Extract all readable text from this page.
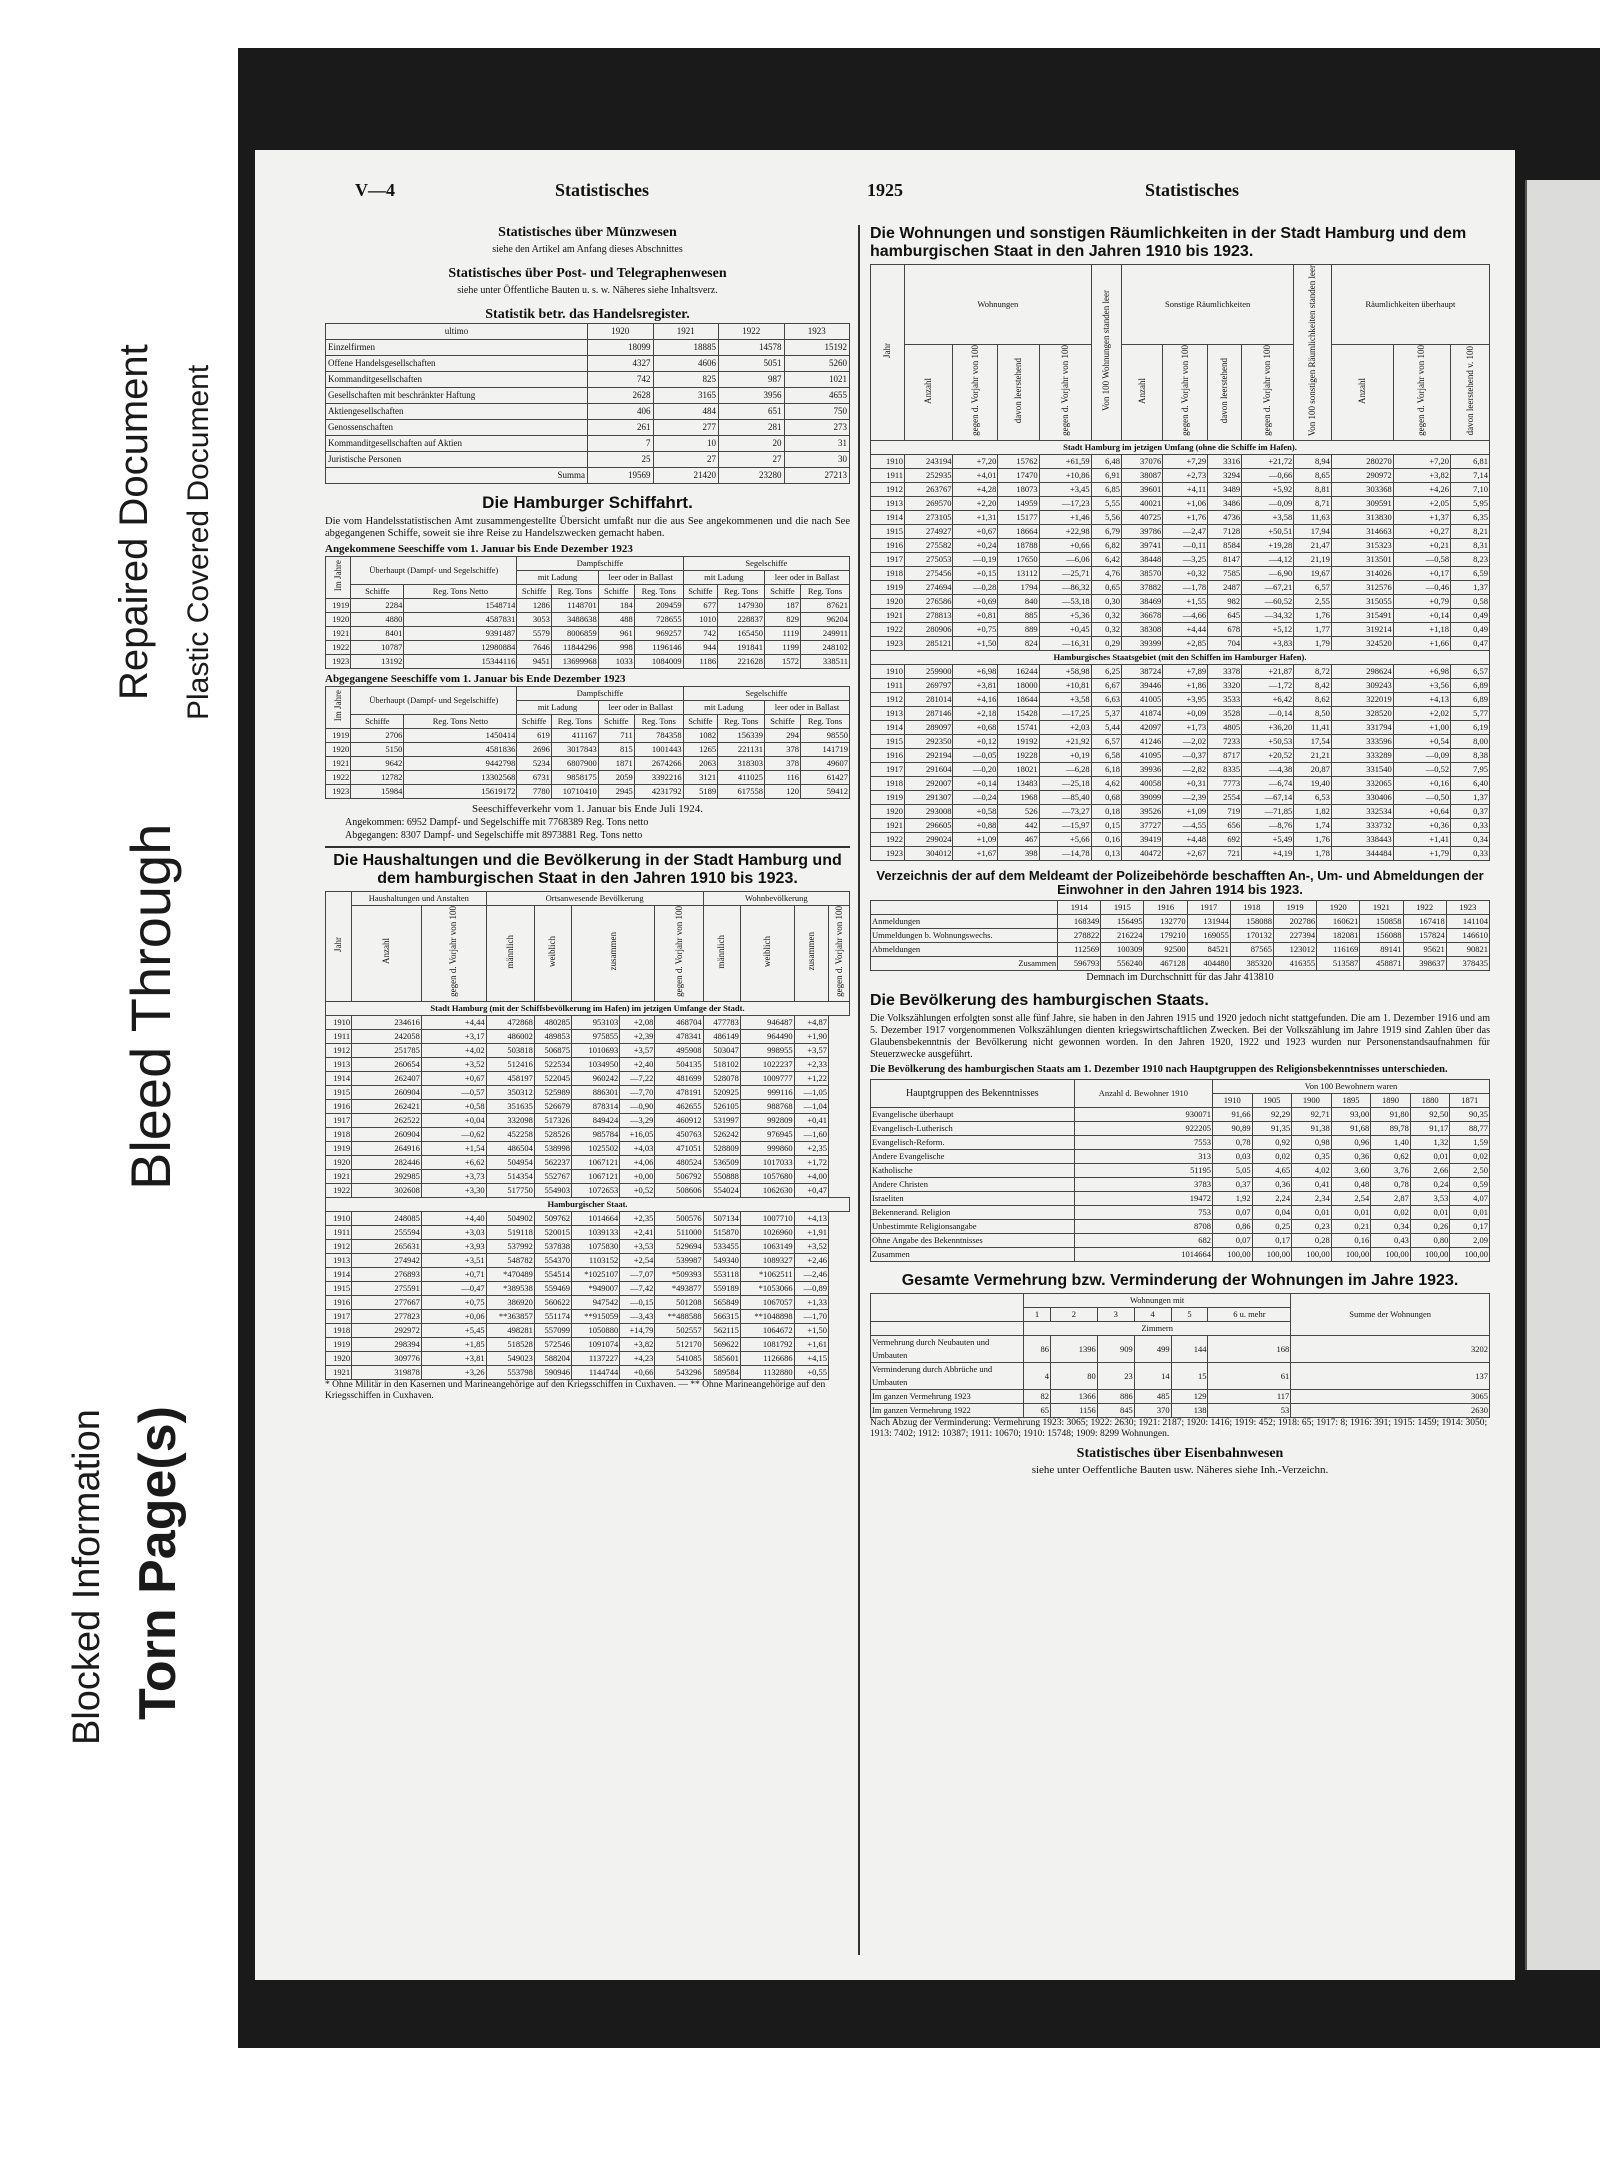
Bleed Through
Repaired Document Plastic Covered Document
Blocked Information Torn Page(s)
V—4	Statistisches	1925	Statistisches
Statistisches über Münzwesen
siehe den Artikel am Anfang dieses Abschnittes
Statistisches über Post- und Telegraphenwesen
siehe unter Öffentliche Bauten u. s. w. Näheres siehe Inhaltsverz.
Statistik betr. das Handelsregister.
ultimo	1920	1921	1922	1923
Einzelfirmen	18099	18885	14578	15192
Offene Handelsgesellschaften	4327	4606	5051	5260
Kommanditgesellschaften	742	825	987	1021
Gesellschaften mit beschränkter Haftung	2628	3165	3956	4655
Aktiengesellschaften	406	484	651	750
Genossenschaften	261	277	281	273
Kommanditgesellschaften auf Aktien	7	10	20	31
Juristische Personen	25	27	27	30
Summa	19569	21420	23280	27213
Die Hamburger Schiffahrt.
Die vom Handelsstatistischen Amt zusammengestellte Übersicht umfaßt nur die aus See angekommenen und die nach See abgegangenen Schiffe, soweit sie ihre Reise zu Handelszwecken gemacht haben.
Angekommene Seeschiffe vom 1. Januar bis Ende Dezember 1923
Im Jahre	Überhaupt (Dampf- und Segelschiffe)		Dampfschiffe				Segelschiffe			
			mit Ladung		leer oder in Ballast		mit Ladung		leer oder in Ballast	
	Schiffe	Reg. Tons Netto	Schiffe	Reg. Tons	Schiffe	Reg. Tons	Schiffe	Reg. Tons	Schiffe	Reg. Tons
1919	2284	1548714	1286	1148701	184	209459	677	147930	187	87621
1920	4880	4587831	3053	3488638	488	728655	1010	228837	829	96204
1921	8401	9391487	5579	8006859	961	969257	742	165450	1119	249911
1922	10787	12980884	7646	11844296	998	1196146	944	191841	1199	248102
1923	13192	15344116	9451	13699968	1033	1084009	1186	221628	1572	338511
Abgegangene Seeschiffe vom 1. Januar bis Ende Dezember 1923
Im Jahre	Überhaupt (Dampf- und Segelschiffe)		Dampfschiffe				Segelschiffe			
			mit Ladung		leer oder in Ballast		mit Ladung		leer oder in Ballast	
	Schiffe	Reg. Tons Netto	Schiffe	Reg. Tons	Schiffe	Reg. Tons	Schiffe	Reg. Tons	Schiffe	Reg. Tons
1919	2706	1450414	619	411167	711	784358	1082	156339	294	98550
1920	5150	4581836	2696	3017843	815	1001443	1265	221131	378	141719
1921	9642	9442798	5234	6807900	1871	2674266	2063	318303	378	49607
1922	12782	13302568	6731	9858175	2059	3392216	3121	411025	116	61427
1923	15984	15619172	7780	10710410	2945	4231792	5189	617558	120	59412
Seeschiffeverkehr vom 1. Januar bis Ende Juli 1924.
Angekommen: 6952 Dampf- und Segelschiffe mit 7768389 Reg. Tons netto
Abgegangen: 8307 Dampf- und Segelschiffe mit 8973881 Reg. Tons netto
Die Haushaltungen und die Bevölkerung in der Stadt Hamburg und dem hamburgischen Staat in den Jahren 1910 bis 1923.
Jahr	Haushaltungen und Anstalten		Ortsanwesende Bevölkerung					Wohnbevölkerung			
	Anzahl	gegen d. Vorjahr von 100	männlich	weiblich	zusammen		gegen d. Vorjahr von 100	männlich	weiblich	zusammen	gegen d. Vorjahr von 100
Stadt Hamburg (mit der Schiffsbevölkerung im Hafen) im jetzigen Umfange der Stadt.											
1910	234616	+4,44	472868	480285	953103	+2,08	468704	477783	946487	+4,87	
1911	242058	+3,17	486002	489853	975855	+2,39	478341	486149	964490	+1,90	
1912	251785	+4,02	503818	506875	1010693	+3,57	495908	503047	998955	+3,57	
1913	260654	+3,52	512416	522534	1034950	+2,40	504135	518102	1022237	+2,33	
1914	262407	+0,67	458197	522045	960242	—7,22	481699	528078	1009777	+1,22	
1915	260904	—0,57	350312	525989	886301	—7,70	478191	520925	999116	—1,05	
1916	262421	+0,58	351635	526679	878314	—0,90	462655	526105	988768	—1,04	
1917	262522	+0,04	332098	517326	849424	—3,29	460912	531997	992809	+0,41	
1918	260904	—0,62	452258	528526	985784	+16,05	450763	526242	976945	—1,60	
1919	264916	+1,54	486504	538998	1025502	+4,03	471051	528809	999860	+2,35	
1920	282446	+6,62	504954	562237	1067121	+4,06	480524	536509	1017033	+1,72	
1921	292985	+3,73	514354	552767	1067121	+0,00	506792	550888	1057680	+4,00	
1922	302608	+3,30	517750	554903	1072653	+0,52	508606	554024	1062630	+0,47	
Hamburgischer Staat.											
1910	248085	+4,40	504902	509762	1014664	+2,35	500576	507134	1007710	+4,13	
1911	255594	+3,03	519118	520015	1039133	+2,41	511000	515870	1026960	+1,91	
1912	265631	+3,93	537992	537838	1075830	+3,53	529694	533455	1063149	+3,52	
1913	274942	+3,51	548782	554370	1103152	+2,54	539987	549340	1089327	+2,46	
1914	276893	+0,71	*470489	554514	*1025107	—7,07	*509393	553118	*1062511	—2,46	
1915	275591	—0,47	*389538	559469	*949007	—7,42	*493877	559189	*1053066	—0,89	
1916	277667	+0,75	386920	560622	947542	—0,15	501208	565849	1067057	+1,33	
1917	277823	+0,06	**363857	551174	**915059	—3,43	**488588	566315	**1048898	—1,70	
1918	292972	+5,45	498281	557099	1050880	+14,79	502557	562115	1064672	+1,50	
1919	298394	+1,85	518528	572546	1091074	+3,82	512170	569622	1081792	+1,61	
1920	309776	+3,81	549023	588204	1137227	+4,23	541085	585601	1126686	+4,15	
1921	319878	+3,26	553798	590946	1144744	+0,66	543296	589584	1132880	+0,55	
* Ohne Militär in den Kasernen und Marineangehörige auf den Kriegsschiffen in Cuxhaven. — ** Ohne Marineangehörige auf den Kriegsschiffen in Cuxhaven.
Die Wohnungen und sonstigen Räumlichkeiten in der Stadt Hamburg und dem hamburgischen Staat in den Jahren 1910 bis 1923.
Jahr	Wohnungen				Von 100 Wohnungen standen leer	Sonstige Räumlichkeiten				Von 100 sonstigen Räumlichkeiten standen leer	Räumlichkeiten überhaupt		
	Anzahl	gegen d. Vorjahr von 100	davon leerstehend	gegen d. Vorjahr von 100		Anzahl	gegen d. Vorjahr von 100	davon leerstehend	gegen d. Vorjahr von 100		Anzahl	gegen d. Vorjahr von 100	davon leerstehend v. 100
Stadt Hamburg im jetzigen Umfang (ohne die Schiffe im Hafen).													
1910	243194	+7,20	15762	+61,59	6,48	37076	+7,29	3316	+21,72	8,94	280270	+7,20	6,81
1911	252935	+4,01	17470	+10,86	6,91	38087	+2,73	3294	—0,66	8,65	290972	+3,82	7,14
1912	263767	+4,28	18073	+3,45	6,85	39601	+4,11	3489	+5,92	8,81	303368	+4,26	7,10
1913	269570	+2,20	14959	—17,23	5,55	40021	+1,06	3486	—0,09	8,71	309591	+2,05	5,95
1914	273105	+1,31	15177	+1,46	5,56	40725	+1,76	4736	+3,58	11,63	313830	+1,37	6,35
1915	274927	+0,67	18664	+22,98	6,79	39786	—2,47	7128	+50,51	17,94	314663	+0,27	8,21
1916	275582	+0,24	18788	+0,66	6,82	39741	—0,11	8584	+19,28	21,47	315323	+0,21	8,31
1917	275053	—0,19	17650	—6,06	6,42	38448	—3,25	8147	—4,12	21,19	313501	—0,58	8,23
1918	275456	+0,15	13112	—25,71	4,76	38570	+0,32	7585	—6,90	19,67	314026	+0,17	6,59
1919	274694	—0,28	1794	—86,32	0,65	37882	—1,78	2487	—67,21	6,57	312576	—0,46	1,37
1920	276586	+0,69	840	—53,18	0,30	38469	+1,55	982	—60,52	2,55	315055	+0,79	0,58
1921	278813	+0,81	885	+5,36	0,32	36678	—4,66	645	—34,32	1,76	315491	+0,14	0,49
1922	280906	+0,75	889	+0,45	0,32	38308	+4,44	678	+5,12	1,77	319214	+1,18	0,49
1923	285121	+1,50	824	—16,31	0,29	39399	+2,85	704	+3,83	1,79	324520	+1,66	0,47
Hamburgisches Staatsgebiet (mit den Schiffen im Hamburger Hafen).													
1910	259900	+6,98	16244	+58,98	6,25	38724	+7,89	3378	+21,87	8,72	298624	+6,98	6,57
1911	269797	+3,81	18000	+10,81	6,67	39446	+1,86	3320	—1,72	8,42	309243	+3,56	6,89
1912	281014	+4,16	18644	+3,58	6,63	41005	+3,95	3533	+6,42	8,62	322019	+4,13	6,89
1913	287146	+2,18	15428	—17,25	5,37	41874	+0,09	3528	—0,14	8,50	328520	+2,02	5,77
1914	289097	+0,68	15741	+2,03	5,44	42097	+1,73	4805	+36,20	11,41	331794	+1,00	6,19
1915	292350	+0,12	19192	+21,92	6,57	41246	—2,02	7233	+50,53	17,54	333596	+0,54	8,00
1916	292194	—0,05	19228	+0,19	6,58	41095	—0,37	8717	+20,52	21,21	333289	—0,09	8,38
1917	291604	—0,20	18021	—6,28	6,18	39936	—2,82	8335	—4,38	20,87	331540	—0,52	7,95
1918	292007	+0,14	13483	—25,18	4,62	40058	+0,31	7773	—6,74	19,40	332065	+0,16	6,40
1919	291307	—0,24	1968	—85,40	0,68	39099	—2,39	2554	—67,14	6,53	330406	—0,50	1,37
1920	293008	+0,58	526	—73,27	0,18	39526	+1,09	719	—71,85	1,82	332534	+0,64	0,37
1921	296605	+0,88	442	—15,97	0,15	37727	—4,55	656	—8,76	1,74	333732	+0,36	0,33
1922	299024	+1,09	467	+5,66	0,16	39419	+4,48	692	+5,49	1,76	338443	+1,41	0,34
1923	304012	+1,67	398	—14,78	0,13	40472	+2,67	721	+4,19	1,78	344484	+1,79	0,33
Verzeichnis der auf dem Meldeamt der Polizeibehörde beschafften An-, Um- und Abmeldungen der Einwohner in den Jahren 1914 bis 1923.
	1914	1915	1916	1917	1918	1919	1920	1921	1922	1923
Anmeldungen	168349	156495	132770	131944	158088	202786	160621	150858	167418	141104
Ummeldungen b. Wohnungswechs.	278822	216224	179210	169055	170132	227394	182081	156088	157824	146610
Abmeldungen	112569	100309	92500	84521	87565	123012	116169	89141	95621	90821
Zusammen	596793	556240	467128	404480	385320	416355	513587	458871	398637	378435
Demnach im Durchschnitt für das Jahr 413810
Die Bevölkerung des hamburgischen Staats.
Die Volkszählungen erfolgten sonst alle fünf Jahre, sie haben in den Jahren 1915 und 1920 jedoch nicht stattgefunden. Die am 1. Dezember 1916 und am 5. Dezember 1917 vorgenommenen Volkszählungen dienten kriegswirtschaftlichen Zwecken. Bei der Volkszählung im Jahre 1919 sind Zahlen über das Glaubensbekenntnis der Bevölkerung nicht gewonnen worden. In den Jahren 1920, 1922 und 1923 wurden nur Personenstandsaufnahmen für Steuerzwecke ausgeführt.
Die Bevölkerung des hamburgischen Staats am 1. Dezember 1910 nach Hauptgruppen des Religionsbekenntnisses unterschieden.
Hauptgruppen des Bekenntnisses	Anzahl d. Bewohner 1910	Von 100 Bewohnern waren						
		1910	1905	1900	1895	1890	1880	1871
Evangelische überhaupt	930071	91,66	92,29	92,71	93,00	91,80	92,50	90,35
Evangelisch-Lutherisch	922205	90,89	91,35	91,38	91,68	89,78	91,17	88,77
Evangelisch-Reform.	7553	0,78	0,92	0,98	0,96	1,40	1,32	1,59
Andere Evangelische	313	0,03	0,02	0,35	0,36	0,62	0,01	0,02
Katholische	51195	5,05	4,65	4,02	3,60	3,76	2,66	2,50
Andere Christen	3783	0,37	0,36	0,41	0,48	0,78	0,24	0,59
Israeliten	19472	1,92	2,24	2,34	2,54	2,87	3,53	4,07
Bekennerand. Religion	753	0,07	0,04	0,01	0,01	0,02	0,01	0,01
Unbestimmte Religionsangabe	8708	0,86	0,25	0,23	0,21	0,34	0,26	0,17
Ohne Angabe des Bekenntnisses	682	0,07	0,17	0,28	0,16	0,43	0,80	2,09
Zusammen	1014664	100,00	100,00	100,00	100,00	100,00	100,00	100,00
Gesamte Vermehrung bzw. Verminderung der Wohnungen im Jahre 1923.
	Wohnungen mit						Summe der Wohnungen
	1	2	3	4	5	6 u. mehr	
	Zimmern						
Vermehrung durch Neubauten und Umbauten	86	1396	909	499	144	168	3202
Verminderung durch Abbrüche und Umbauten	4	80	23	14	15	61	137
Im ganzen Vermehrung 1923	82	1366	886	485	129	117	3065
Im ganzen Vermehrung 1922	65	1156	845	370	138	53	2630
Nach Abzug der Verminderung: Vermehrung 1923: 3065; 1922: 2630; 1921: 2187; 1920: 1416; 1919: 452; 1918: 65; 1917: 8; 1916: 391; 1915: 1459; 1914: 3050; 1913: 7402; 1912: 10387; 1911: 10670; 1910: 15748; 1909: 8299 Wohnungen.
Statistisches über Eisenbahnwesen
siehe unter Oeffentliche Bauten usw. Näheres siehe Inh.-Verzeichn.
